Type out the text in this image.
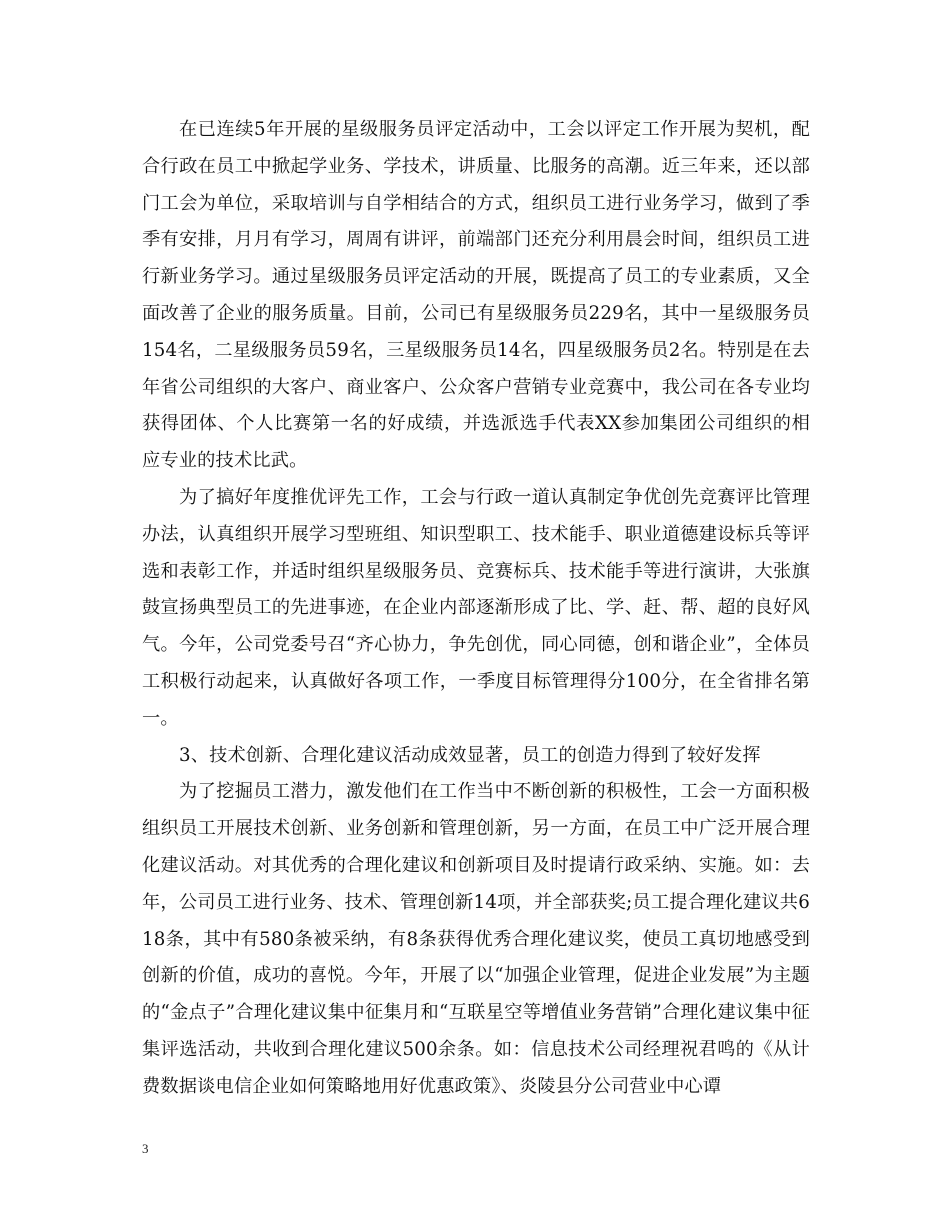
在已连续5年开展的星级服务员评定活动中，工会以评定工作开展为契机，配合行政在员工中掀起学业务、学技术，讲质量、比服务的高潮。近三年来，还以部门工会为单位，采取培训与自学相结合的方式，组织员工进行业务学习，做到了季季有安排，月月有学习，周周有讲评，前端部门还充分利用晨会时间，组织员工进行新业务学习。通过星级服务员评定活动的开展，既提高了员工的专业素质，又全面改善了企业的服务质量。目前，公司已有星级服务员229名，其中一星级服务员154名，二星级服务员59名，三星级服务员14名，四星级服务员2名。特别是在去年省公司组织的大客户、商业客户、公众客户营销专业竞赛中，我公司在各专业均获得团体、个人比赛第一名的好成绩，并选派选手代表XX参加集团公司组织的相应专业的技术比武。

为了搞好年度推优评先工作，工会与行政一道认真制定争优创先竞赛评比管理办法，认真组织开展学习型班组、知识型职工、技术能手、职业道德建设标兵等评选和表彰工作，并适时组织星级服务员、竞赛标兵、技术能手等进行演讲，大张旗鼓宣扬典型员工的先进事迹，在企业内部逐渐形成了比、学、赶、帮、超的良好风气。今年，公司党委号召“齐心协力，争先创优，同心同德，创和谐企业”，全体员工积极行动起来，认真做好各项工作，一季度目标管理得分100分，在全省排名第一。

3、技术创新、合理化建议活动成效显著，员工的创造力得到了较好发挥

为了挖掘员工潜力，激发他们在工作当中不断创新的积极性，工会一方面积极组织员工开展技术创新、业务创新和管理创新，另一方面，在员工中广泛开展合理化建议活动。对其优秀的合理化建议和创新项目及时提请行政采纳、实施。如：去年，公司员工进行业务、技术、管理创新14项，并全部获奖;员工提合理化建议共618条，其中有580条被采纳，有8条获得优秀合理化建议奖，使员工真切地感受到创新的价值，成功的喜悦。今年，开展了以“加强企业管理，促进企业发展”为主题的“金点子”合理化建议集中征集月和“互联星空等增值业务营销”合理化建议集中征集评选活动，共收到合理化建议500余条。如：信息技术公司经理祝君鸣的《从计费数据谈电信企业如何策略地用好优惠政策》、炎陵县分公司营业中心谭

3
